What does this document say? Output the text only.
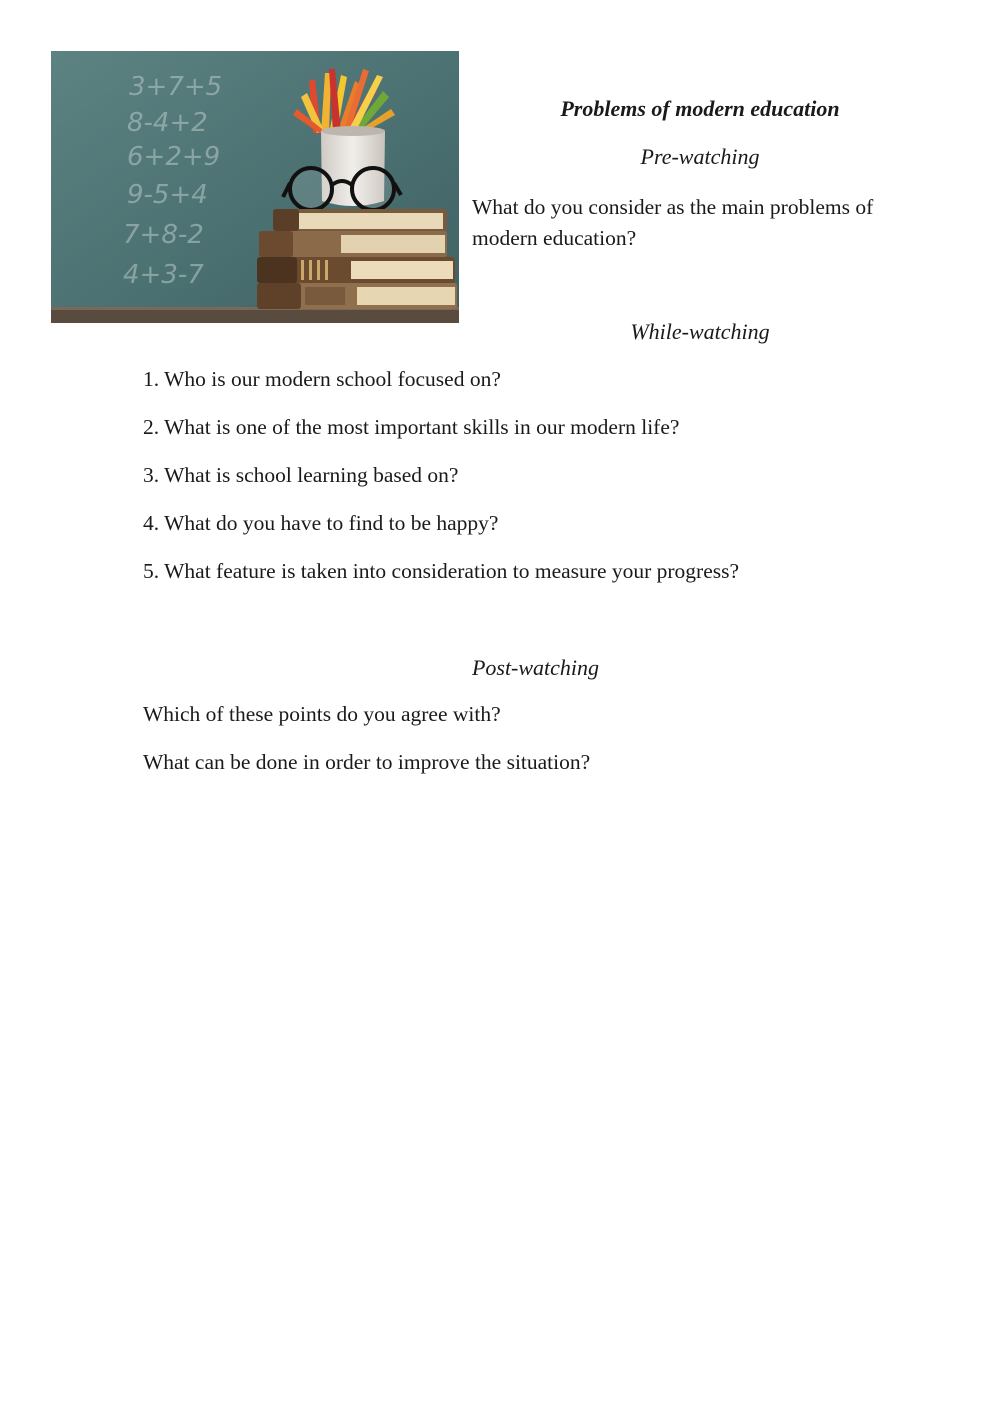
3+7+5
8-4+2
6+2+9
9-5+4
7+8-2
4+3-7
Problems of modern education
Pre-watching
What do you consider as the main problems of modern education?
While-watching
1. Who is our modern school focused on?
2. What is one of the most important skills in our modern life?
3. What is school learning based on?
4. What do you have to find to be happy?
5. What feature is taken into consideration to measure your progress?
Post-watching
Which of these points do you agree with?
What can be done in order to improve the situation?
